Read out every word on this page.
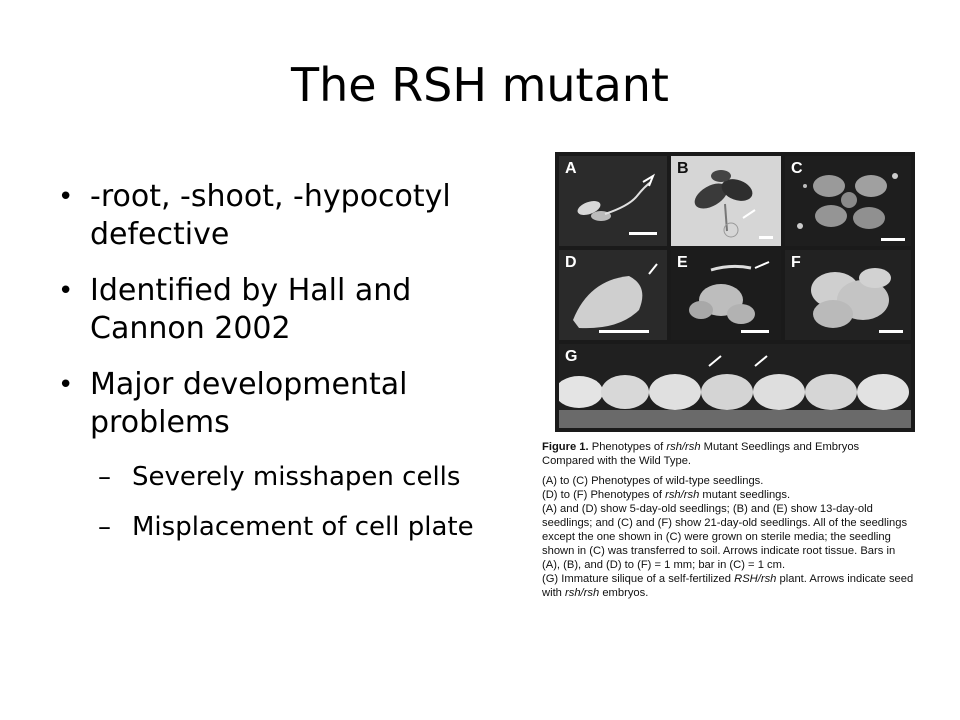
The RSH mutant
• -root, -shoot, -hypocotyl defective
• Identified by Hall and Cannon 2002
• Major developmental problems
– Severely misshapen cells
– Misplacement of cell plate
A	B	C
D	E	F
G

Figure 1. Phenotypes of rsh/rsh Mutant Seedlings and Embryos Compared with the Wild Type.

(A) to (C) Phenotypes of wild-type seedlings.
(D) to (F) Phenotypes of rsh/rsh mutant seedlings.
(A) and (D) show 5-day-old seedlings; (B) and (E) show 13-day-old seedlings; and (C) and (F) show 21-day-old seedlings. All of the seedlings except the one shown in (C) were grown on sterile media; the seedling shown in (C) was transferred to soil. Arrows indicate root tissue. Bars in (A), (B), and (D) to (F) = 1 mm; bar in (C) = 1 cm.
(G) Immature silique of a self-fertilized RSH/rsh plant. Arrows indicate seed with rsh/rsh embryos.
